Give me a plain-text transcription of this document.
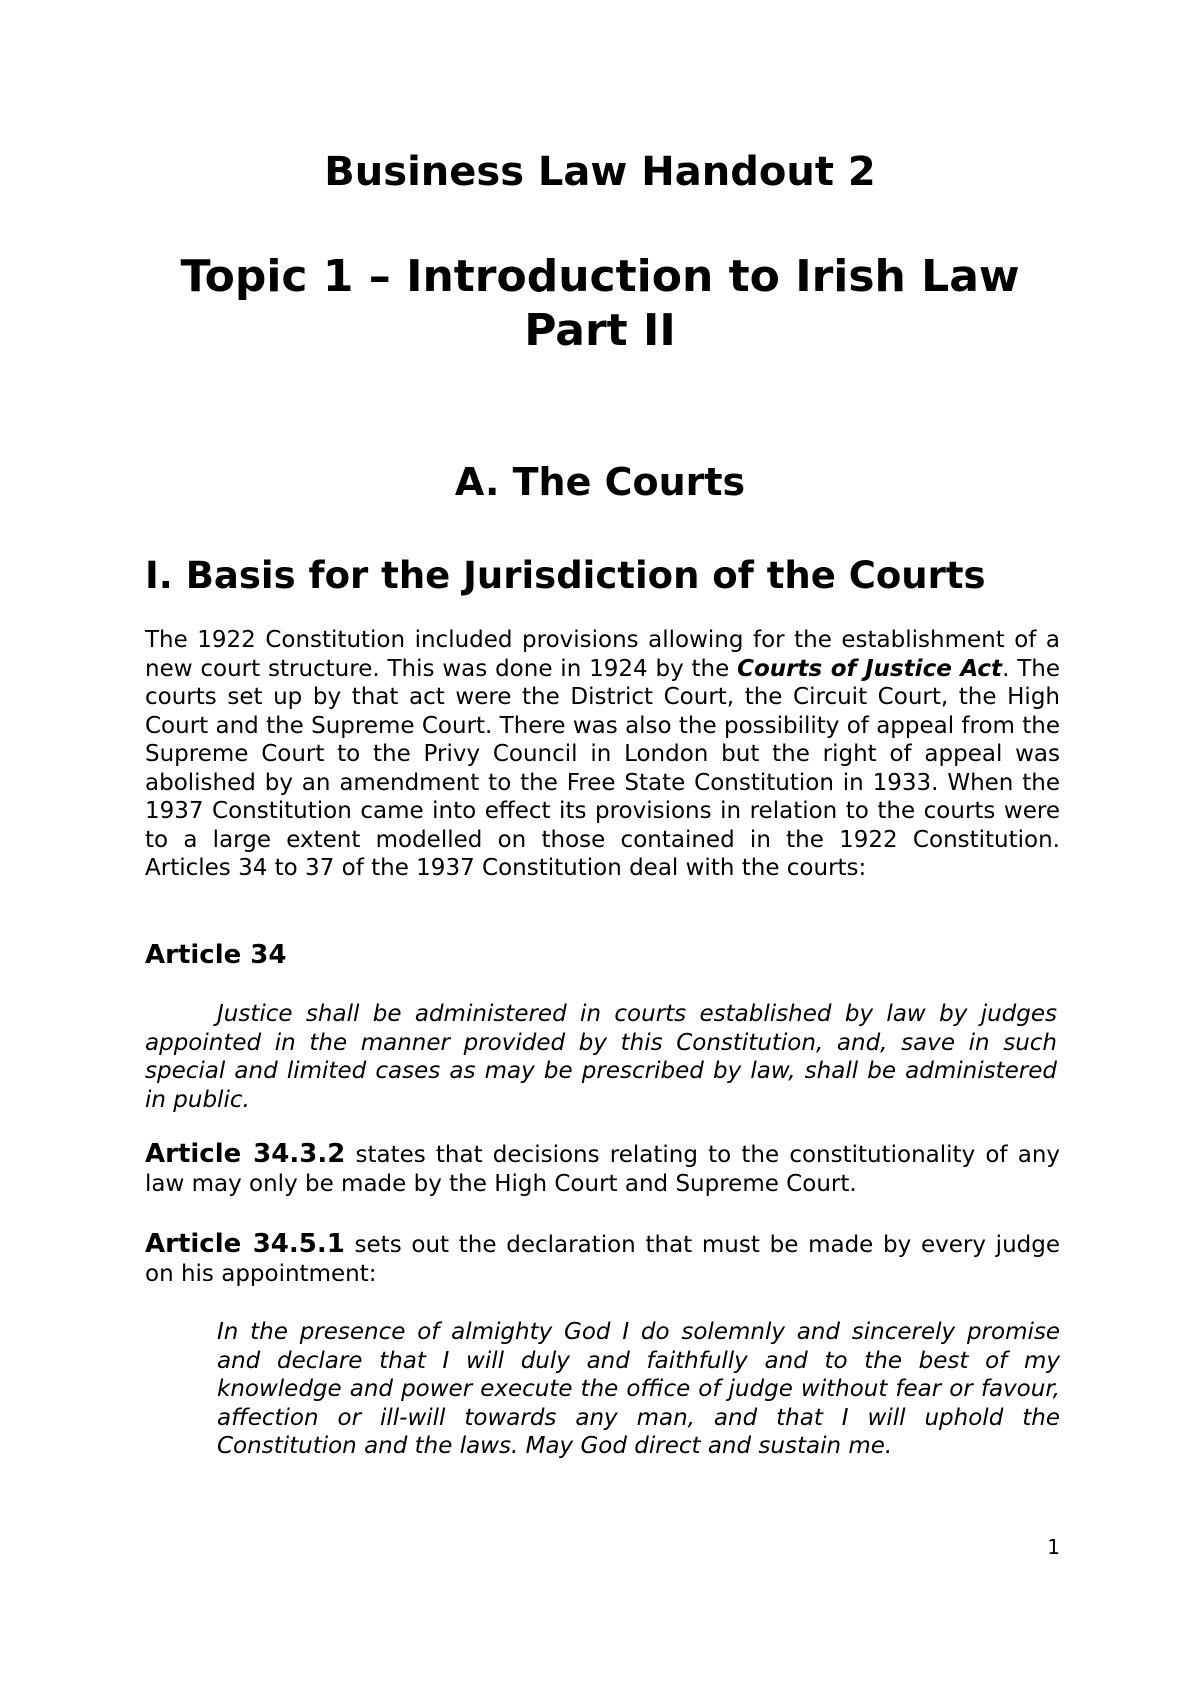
Business Law Handout 2
Topic 1 – Introduction to Irish Law
Part II
A. The Courts
I. Basis for the Jurisdiction of the Courts

The 1922 Constitution included provisions allowing for the establishment of a new court structure. This was done in 1924 by the Courts of Justice Act. The courts set up by that act were the District Court, the Circuit Court, the High Court and the Supreme Court. There was also the possibility of appeal from the Supreme Court to the Privy Council in London but the right of appeal was abolished by an amendment to the Free State Constitution in 1933. When the 1937 Constitution came into effect its provisions in relation to the courts were to a large extent modelled on those contained in the 1922 Constitution. Articles 34 to 37 of the 1937 Constitution deal with the courts:

Article 34

Justice shall be administered in courts established by law by judges appointed in the manner provided by this Constitution, and, save in such special and limited cases as may be prescribed by law, shall be administered in public.

Article 34.3.2 states that decisions relating to the constitutionality of any law may only be made by the High Court and Supreme Court.

Article 34.5.1 sets out the declaration that must be made by every judge on his appointment:

In the presence of almighty God I do solemnly and sincerely promise and declare that I will duly and faithfully and to the best of my knowledge and power execute the office of judge without fear or favour, affection or ill-will towards any man, and that I will uphold the Constitution and the laws. May God direct and sustain me.

1
